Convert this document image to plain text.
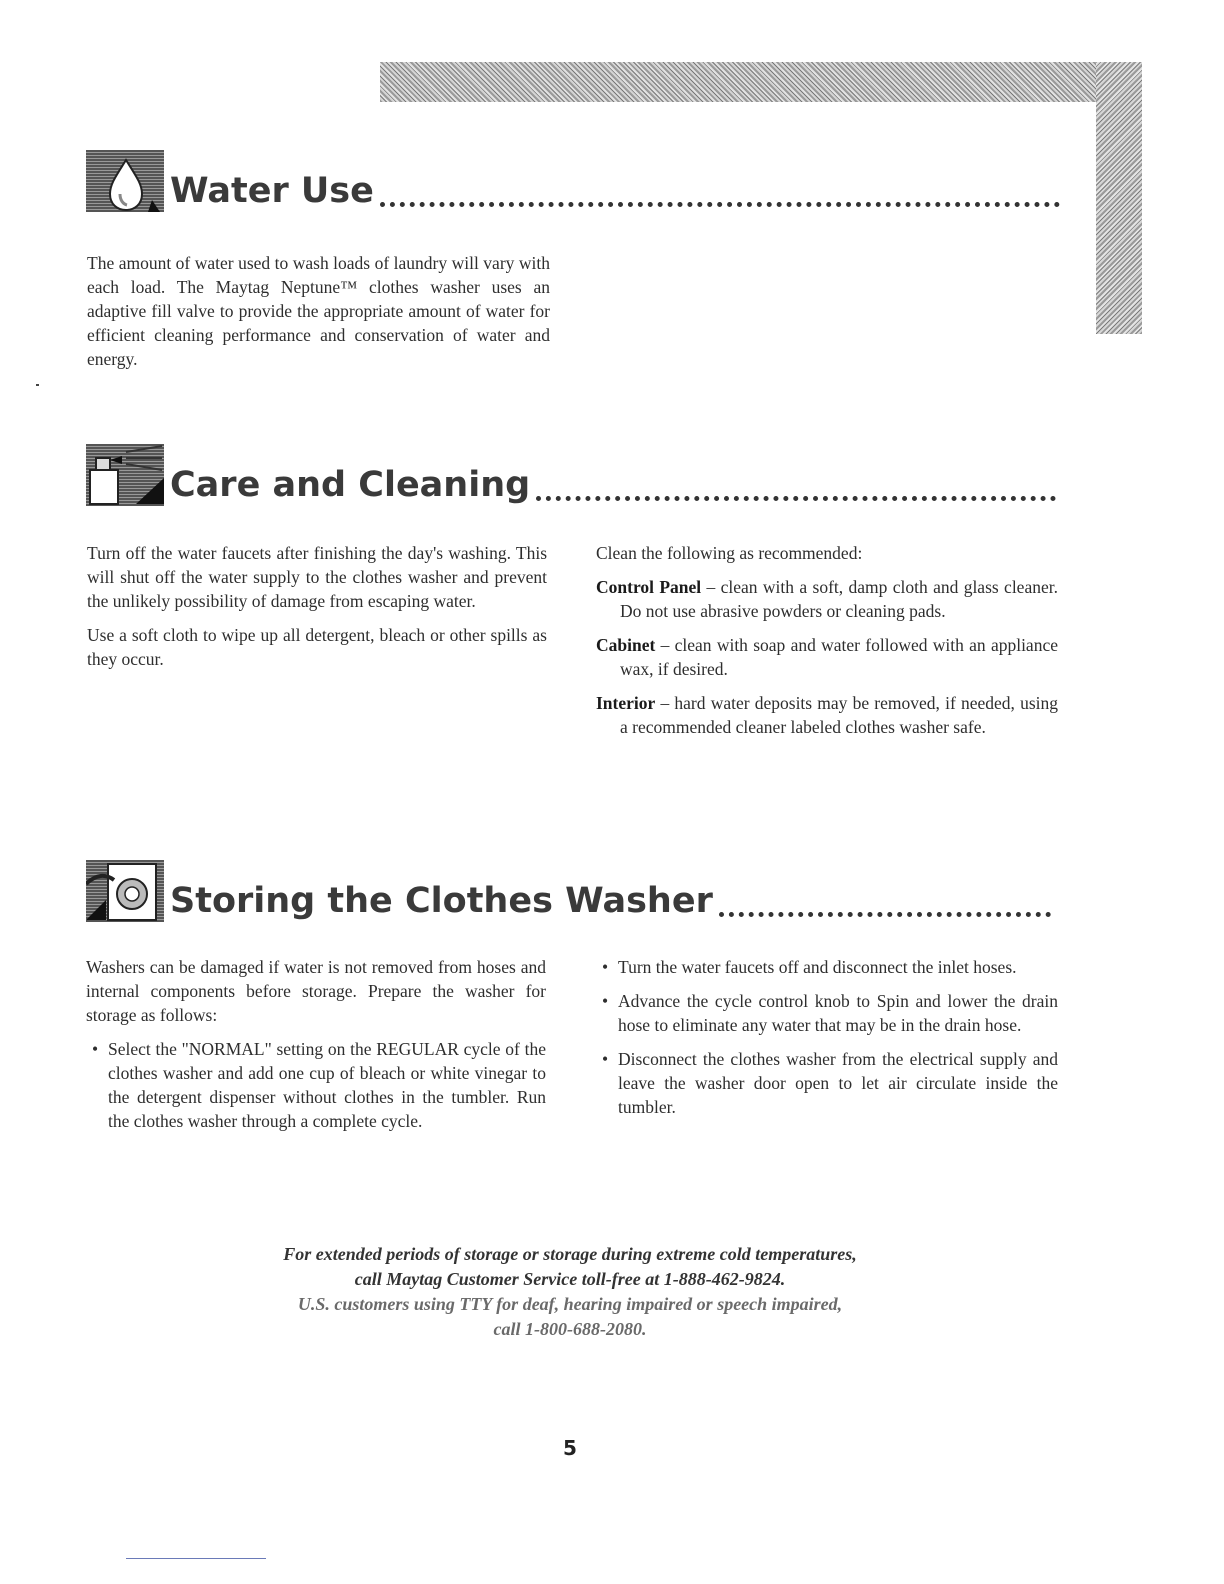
Water Use

The amount of water used to wash loads of laundry will vary with each load. The Maytag Neptune™ clothes washer uses an adaptive fill valve to provide the appropriate amount of water for efficient cleaning performance and conservation of water and energy.

Care and Cleaning

Turn off the water faucets after finishing the day's washing. This will shut off the water supply to the clothes washer and prevent the unlikely possibility of damage from escaping water.

Use a soft cloth to wipe up all detergent, bleach or other spills as they occur.

Clean the following as recommended:

Control Panel – clean with a soft, damp cloth and glass cleaner. Do not use abrasive powders or cleaning pads.

Cabinet – clean with soap and water followed with an appliance wax, if desired.

Interior – hard water deposits may be removed, if needed, using a recommended cleaner labeled clothes washer safe.

Storing the Clothes Washer

Washers can be damaged if water is not removed from hoses and internal components before storage. Prepare the washer for storage as follows:

• Select the "NORMAL" setting on the REGULAR cycle of the clothes washer and add one cup of bleach or white vinegar to the detergent dispenser without clothes in the tumbler. Run the clothes washer through a complete cycle.
• Turn the water faucets off and disconnect the inlet hoses.
• Advance the cycle control knob to Spin and lower the drain hose to eliminate any water that may be in the drain hose.
• Disconnect the clothes washer from the electrical supply and leave the washer door open to let air circulate inside the tumbler.
For extended periods of storage or storage during extreme cold temperatures,
call Maytag Customer Service toll-free at 1-888-462-9824.
U.S. customers using TTY for deaf, hearing impaired or speech impaired,
call 1-800-688-2080.
5
